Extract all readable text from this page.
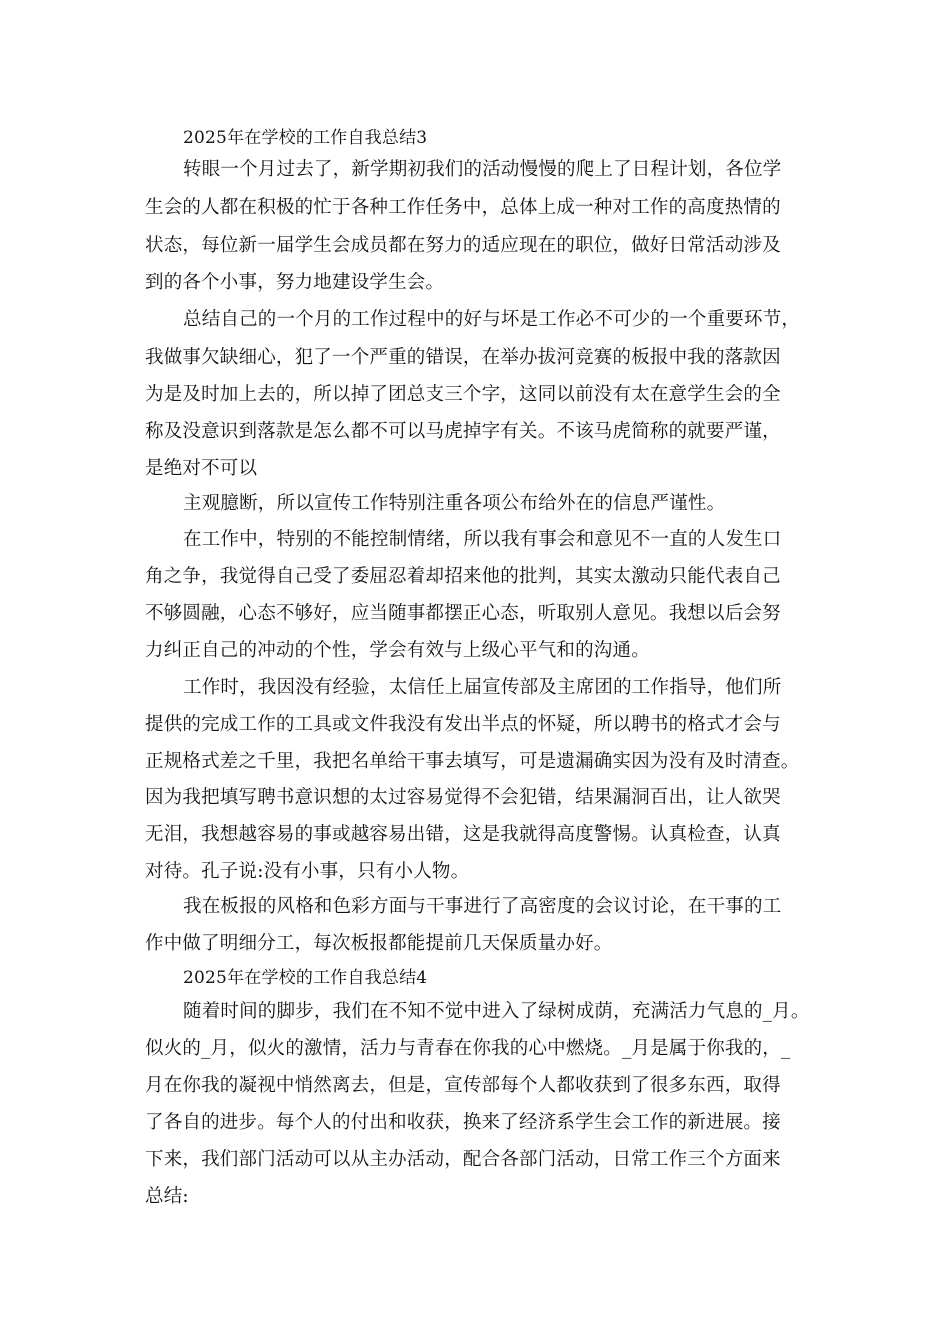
2025年在学校的工作自我总结3
转眼一个月过去了，新学期初我们的活动慢慢的爬上了日程计划，各位学
生会的人都在积极的忙于各种工作任务中，总体上成一种对工作的高度热情的
状态，每位新一届学生会成员都在努力的适应现在的职位，做好日常活动涉及
到的各个小事，努力地建设学生会。
总结自己的一个月的工作过程中的好与坏是工作必不可少的一个重要环节，
我做事欠缺细心，犯了一个严重的错误，在举办拔河竞赛的板报中我的落款因
为是及时加上去的，所以掉了团总支三个字，这同以前没有太在意学生会的全
称及没意识到落款是怎么都不可以马虎掉字有关。不该马虎简称的就要严谨，
是绝对不可以
主观臆断，所以宣传工作特别注重各项公布给外在的信息严谨性。
在工作中，特别的不能控制情绪，所以我有事会和意见不一直的人发生口
角之争，我觉得自己受了委屈忍着却招来他的批判，其实太激动只能代表自己
不够圆融，心态不够好，应当随事都摆正心态，听取别人意见。我想以后会努
力纠正自己的冲动的个性，学会有效与上级心平气和的沟通。
工作时，我因没有经验，太信任上届宣传部及主席团的工作指导，他们所
提供的完成工作的工具或文件我没有发出半点的怀疑，所以聘书的格式才会与
正规格式差之千里，我把名单给干事去填写，可是遗漏确实因为没有及时清查。
因为我把填写聘书意识想的太过容易觉得不会犯错，结果漏洞百出，让人欲哭
无泪，我想越容易的事或越容易出错，这是我就得高度警惕。认真检查，认真
对待。孔子说:没有小事，只有小人物。
我在板报的风格和色彩方面与干事进行了高密度的会议讨论，在干事的工
作中做了明细分工，每次板报都能提前几天保质量办好。
2025年在学校的工作自我总结4
随着时间的脚步，我们在不知不觉中进入了绿树成荫，充满活力气息的_月。
似火的_月，似火的激情，活力与青春在你我的心中燃烧。_月是属于你我的，_
月在你我的凝视中悄然离去，但是，宣传部每个人都收获到了很多东西，取得
了各自的进步。每个人的付出和收获，换来了经济系学生会工作的新进展。接
下来，我们部门活动可以从主办活动，配合各部门活动，日常工作三个方面来
总结:
